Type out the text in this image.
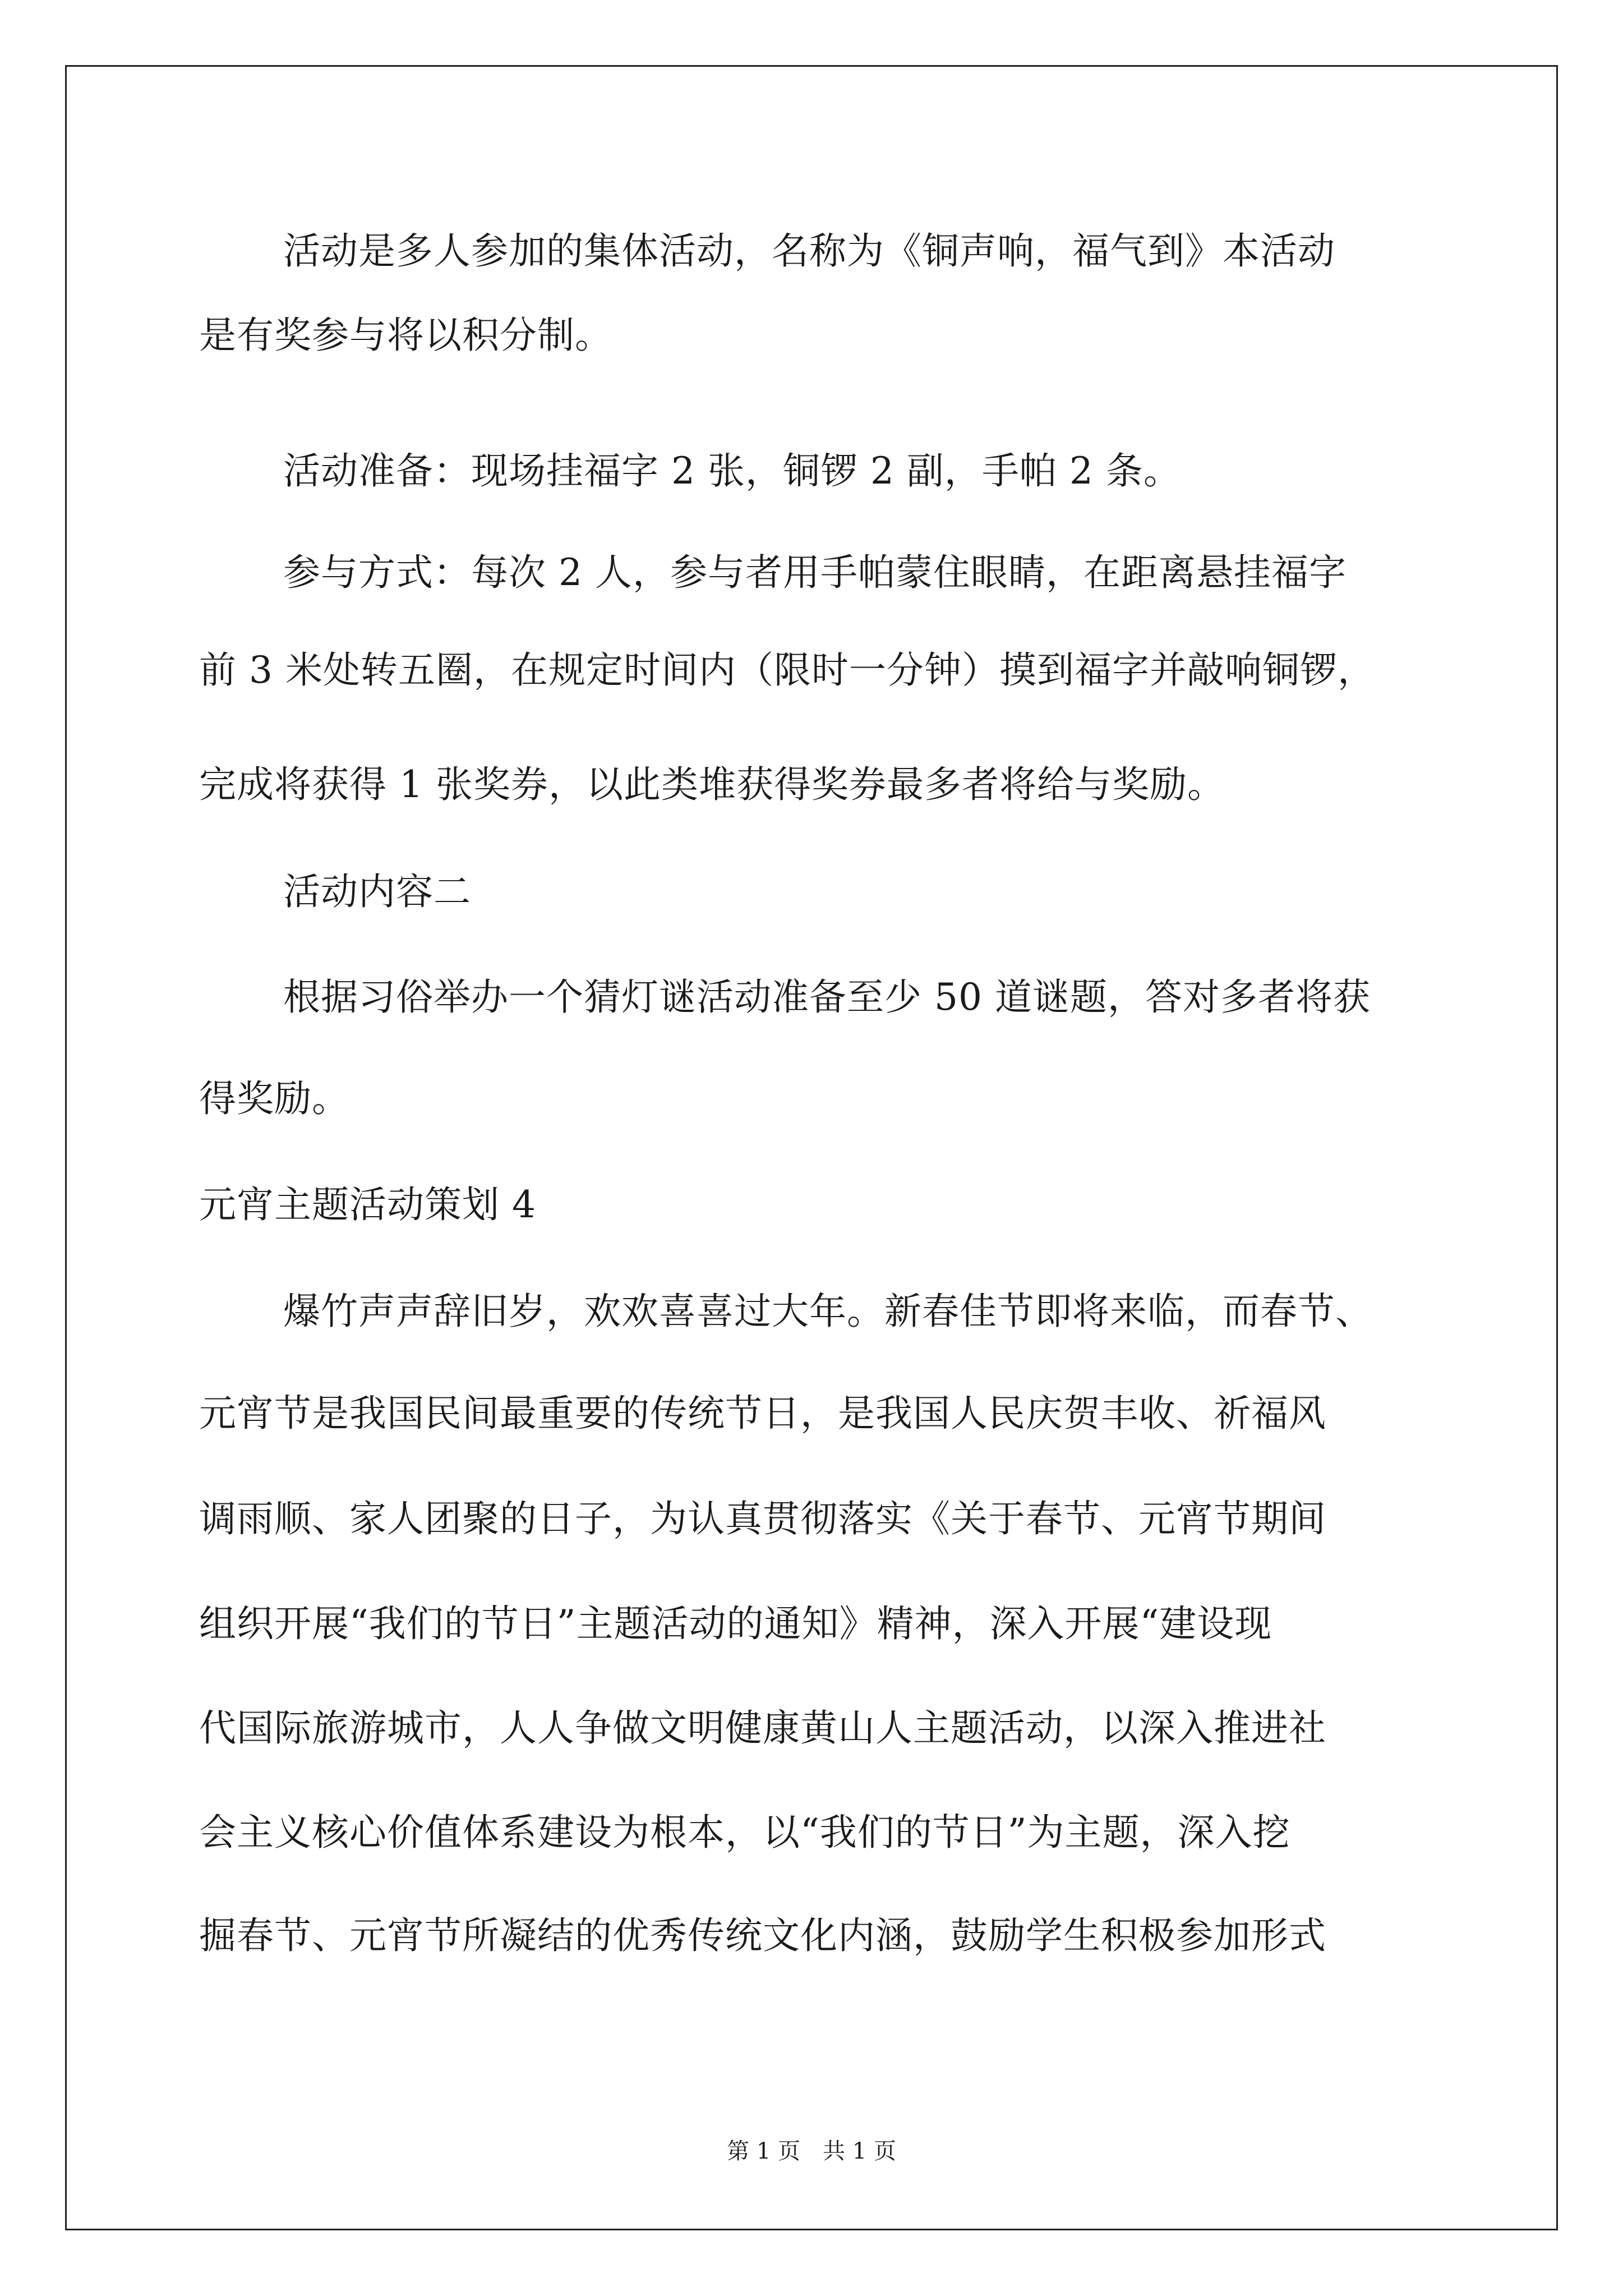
活动是多人参加的集体活动，名称为《铜声响，福气到》本活动
是有奖参与将以积分制。
活动准备：现场挂福字 2 张，铜锣 2 副，手帕 2 条。
参与方式：每次 2 人，参与者用手帕蒙住眼睛，在距离悬挂福字
前 3 米处转五圈，在规定时间内（限时一分钟）摸到福字并敲响铜锣，
完成将获得 1 张奖券，以此类堆获得奖券最多者将给与奖励。
活动内容二
根据习俗举办一个猜灯谜活动准备至少 50 道谜题，答对多者将获
得奖励。
元宵主题活动策划 4
爆竹声声辞旧岁，欢欢喜喜过大年。新春佳节即将来临，而春节、
元宵节是我国民间最重要的传统节日，是我国人民庆贺丰收、祈福风
调雨顺、家人团聚的日子，为认真贯彻落实《关于春节、元宵节期间
组织开展“我们的节日”主题活动的通知》精神，深入开展“建设现
代国际旅游城市，人人争做文明健康黄山人主题活动，以深入推进社
会主义核心价值体系建设为根本，以“我们的节日”为主题，深入挖
掘春节、元宵节所凝结的优秀传统文化内涵，鼓励学生积极参加形式
第 1 页　共 1 页
